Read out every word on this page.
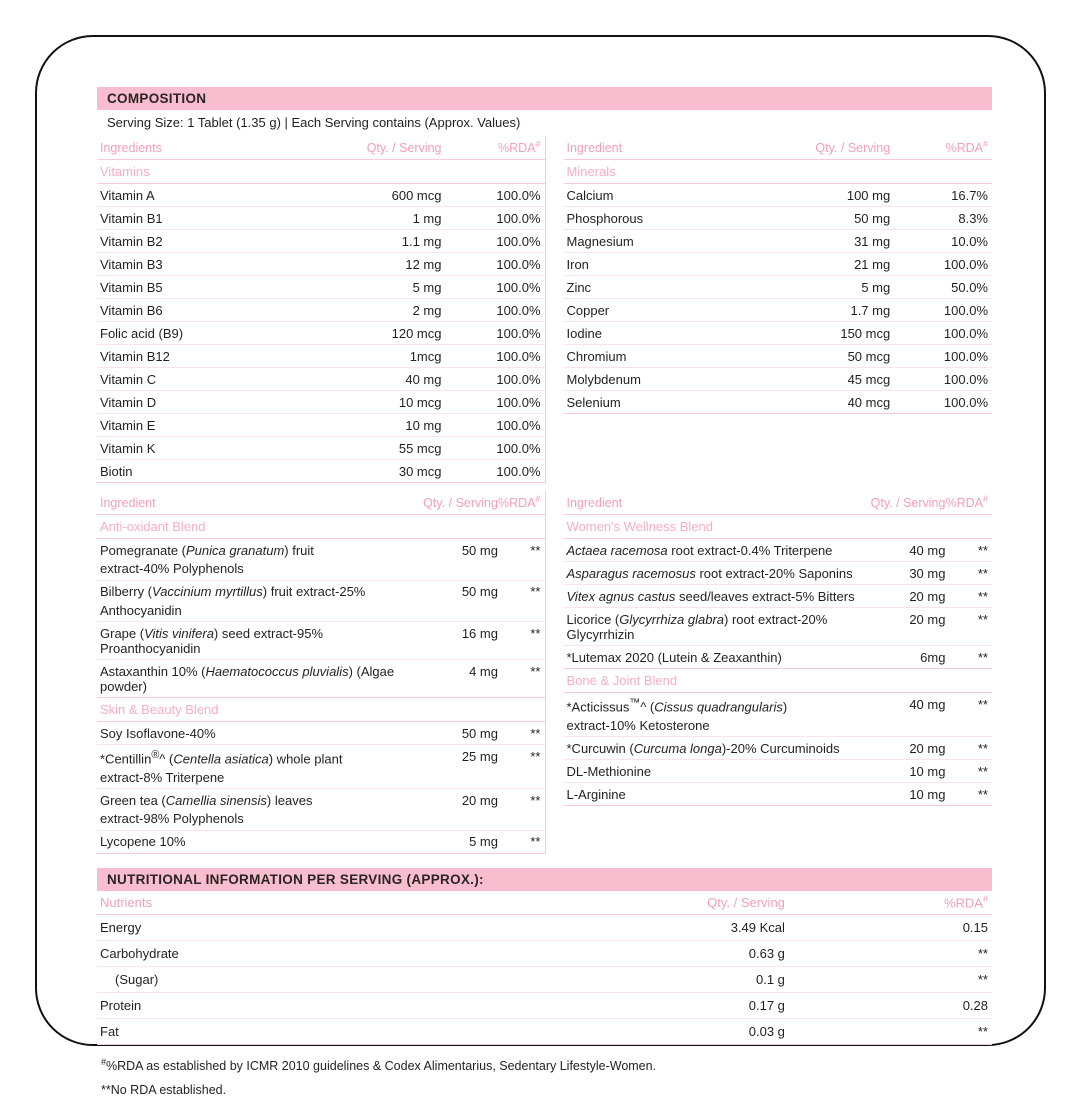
COMPOSITION
Serving Size: 1 Tablet (1.35 g) | Each Serving contains (Approx. Values)
Ingredients	Qty. / Serving	%RDA#
Vitamins		
Vitamin A	600 mcg	100.0%
Vitamin B1	1 mg	100.0%
Vitamin B2	1.1 mg	100.0%
Vitamin B3	12 mg	100.0%
Vitamin B5	5 mg	100.0%
Vitamin B6	2 mg	100.0%
Folic acid (B9)	120 mcg	100.0%
Vitamin B12	1mcg	100.0%
Vitamin C	40 mg	100.0%
Vitamin D	10 mcg	100.0%
Vitamin E	10 mg	100.0%
Vitamin K	55 mcg	100.0%
Biotin	30 mcg	100.0%
Ingredient	Qty. / Serving	%RDA#
Minerals		
Calcium	100 mg	16.7%
Phosphorous	50 mg	8.3%
Magnesium	31 mg	10.0%
Iron	21 mg	100.0%
Zinc	5 mg	50.0%
Copper	1.7 mg	100.0%
Iodine	150 mcg	100.0%
Chromium	50 mcg	100.0%
Molybdenum	45 mcg	100.0%
Selenium	40 mcg	100.0%
Ingredient	Qty. / Serving	%RDA#
Anti-oxidant Blend		
Pomegranate (Punica granatum) fruit	50 mg	**
extract-40% Polyphenols		
Bilberry (Vaccinium myrtillus) fruit extract-25%	50 mg	**
Anthocyanidin		
Grape (Vitis vinifera) seed extract-95% Proanthocyanidin	16 mg	**
Astaxanthin 10% (Haematococcus pluvialis) (Algae powder)	4 mg	**
Skin & Beauty Blend		
Soy Isoflavone-40%	50 mg	**
*Centillin®^ (Centella asiatica) whole plant	25 mg	**
extract-8% Triterpene		
Green tea (Camellia sinensis) leaves	20 mg	**
extract-98% Polyphenols		
Lycopene 10%	5 mg	**
Ingredient	Qty. / Serving	%RDA#
Women's Wellness Blend		
Actaea racemosa root extract-0.4% Triterpene	40 mg	**
Asparagus racemosus root extract-20% Saponins	30 mg	**
Vitex agnus castus seed/leaves extract-5% Bitters	20 mg	**
Licorice (Glycyrrhiza glabra) root extract-20% Glycyrrhizin	20 mg	**
*Lutemax 2020 (Lutein & Zeaxanthin)	6mg	**
Bone & Joint Blend		
*Acticissus™^ (Cissus quadrangularis)	40 mg	**
extract-10% Ketosterone		
*Curcuwin (Curcuma longa)-20% Curcuminoids	20 mg	**
DL-Methionine	10 mg	**
L-Arginine	10 mg	**
NUTRITIONAL INFORMATION PER SERVING (APPROX.):
Nutrients	Qty. / Serving	%RDA#
Energy	3.49 Kcal	0.15
Carbohydrate	0.63 g	**
(Sugar)	0.1 g	**
Protein	0.17 g	0.28
Fat	0.03 g	**
#%RDA as established by ICMR 2010 guidelines & Codex Alimentarius, Sedentary Lifestyle-Women.
**No RDA established.
